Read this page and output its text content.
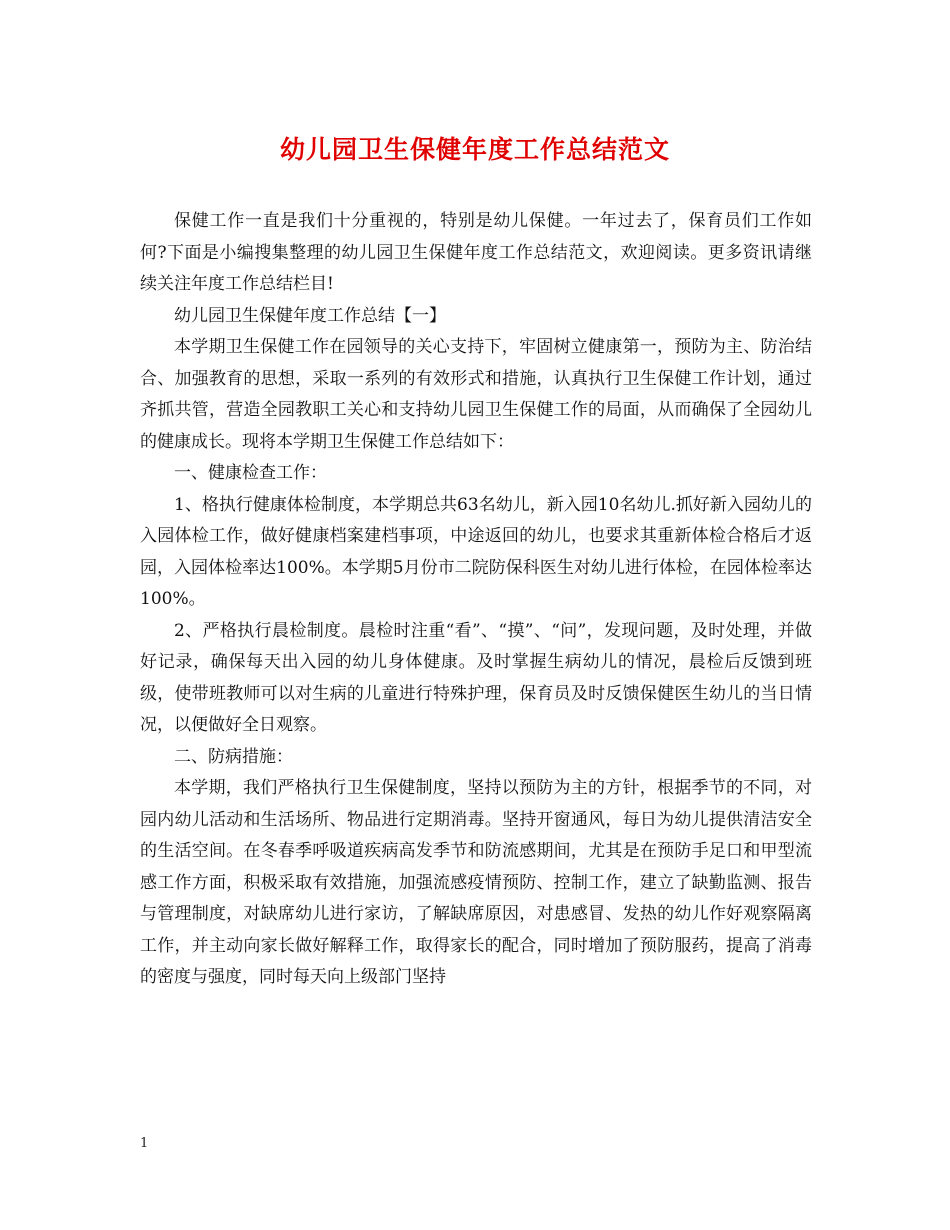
幼儿园卫生保健年度工作总结范文

保健工作一直是我们十分重视的，特别是幼儿保健。一年过去了，保育员们工作如何?下面是小编搜集整理的幼儿园卫生保健年度工作总结范文，欢迎阅读。更多资讯请继续关注年度工作总结栏目!

幼儿园卫生保健年度工作总结【一】

本学期卫生保健工作在园领导的关心支持下，牢固树立健康第一，预防为主、防治结合、加强教育的思想，采取一系列的有效形式和措施，认真执行卫生保健工作计划，通过齐抓共管，营造全园教职工关心和支持幼儿园卫生保健工作的局面，从而确保了全园幼儿的健康成长。现将本学期卫生保健工作总结如下：

一、健康检查工作：

1、格执行健康体检制度，本学期总共63名幼儿，新入园10名幼儿.抓好新入园幼儿的入园体检工作，做好健康档案建档事项，中途返回的幼儿，也要求其重新体检合格后才返园，入园体检率达100%。本学期5月份市二院防保科医生对幼儿进行体检，在园体检率达100%。

2、严格执行晨检制度。晨检时注重“看”、“摸”、“问”，发现问题，及时处理，并做好记录，确保每天出入园的幼儿身体健康。及时掌握生病幼儿的情况，晨检后反馈到班级，使带班教师可以对生病的儿童进行特殊护理，保育员及时反馈保健医生幼儿的当日情况，以便做好全日观察。

二、防病措施：

本学期，我们严格执行卫生保健制度，坚持以预防为主的方针，根据季节的不同，对园内幼儿活动和生活场所、物品进行定期消毒。坚持开窗通风，每日为幼儿提供清洁安全的生活空间。在冬春季呼吸道疾病高发季节和防流感期间，尤其是在预防手足口和甲型流感工作方面，积极采取有效措施，加强流感疫情预防、控制工作，建立了缺勤监测、报告与管理制度，对缺席幼儿进行家访，了解缺席原因，对患感冒、发热的幼儿作好观察隔离工作，并主动向家长做好解释工作，取得家长的配合，同时增加了预防服药，提高了消毒的密度与强度，同时每天向上级部门坚持

1
